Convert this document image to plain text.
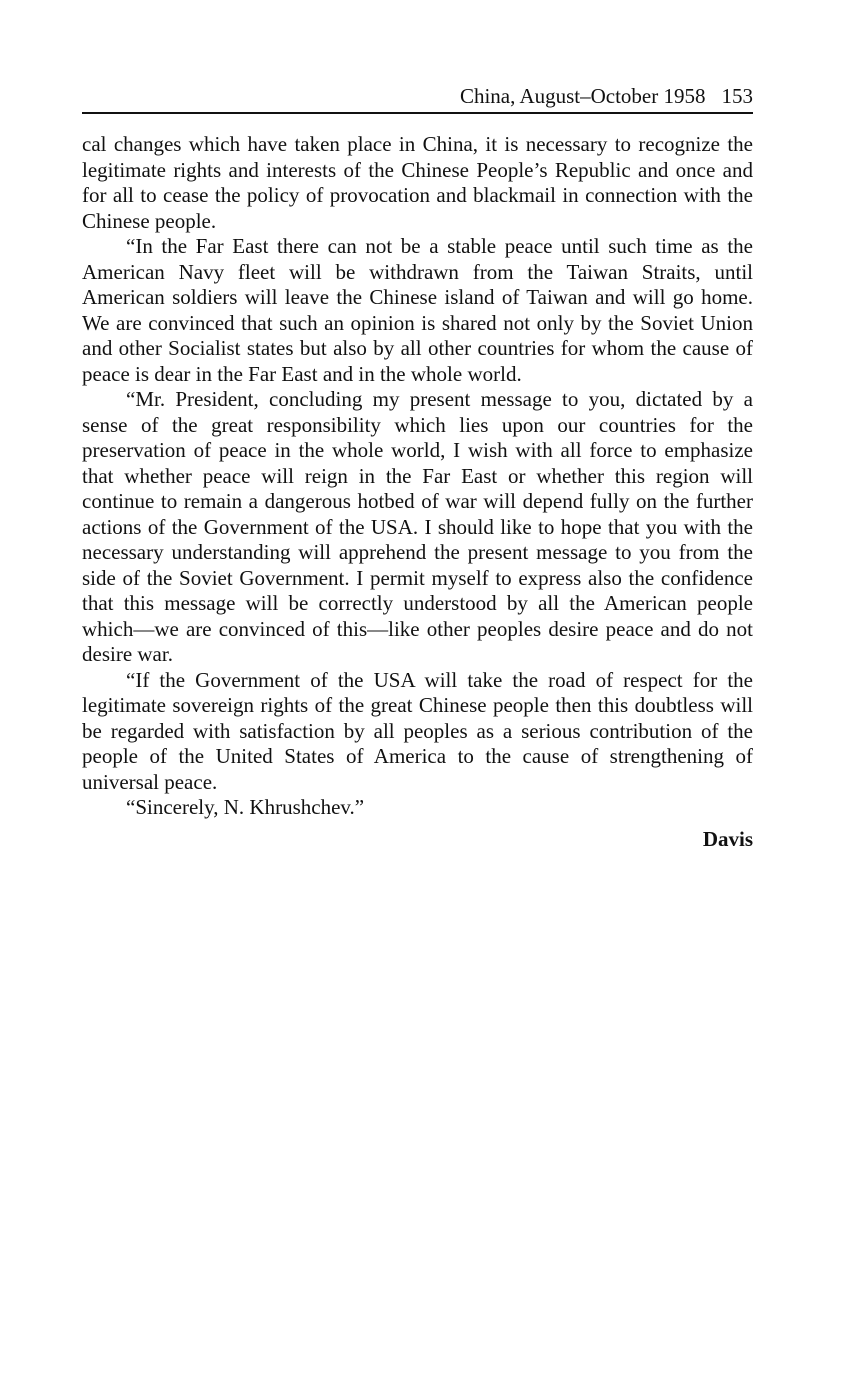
China, August–October 1958 153

cal changes which have taken place in China, it is necessary to recognize the legitimate rights and interests of the Chinese People’s Republic and once and for all to cease the policy of provocation and blackmail in connection with the Chinese people.

“In the Far East there can not be a stable peace until such time as the American Navy fleet will be withdrawn from the Taiwan Straits, until American soldiers will leave the Chinese island of Taiwan and will go home. We are convinced that such an opinion is shared not only by the Soviet Union and other Socialist states but also by all other countries for whom the cause of peace is dear in the Far East and in the whole world.

“Mr. President, concluding my present message to you, dictated by a sense of the great responsibility which lies upon our countries for the preservation of peace in the whole world, I wish with all force to emphasize that whether peace will reign in the Far East or whether this region will continue to remain a dangerous hotbed of war will depend fully on the further actions of the Government of the USA. I should like to hope that you with the necessary understanding will apprehend the present message to you from the side of the Soviet Government. I permit myself to express also the confidence that this message will be correctly understood by all the American people which—we are convinced of this—like other peoples desire peace and do not desire war.

“If the Government of the USA will take the road of respect for the legitimate sovereign rights of the great Chinese people then this doubtless will be regarded with satisfaction by all peoples as a serious contribution of the people of the United States of America to the cause of strengthening of universal peace.

“Sincerely, N. Khrushchev.”

Davis
